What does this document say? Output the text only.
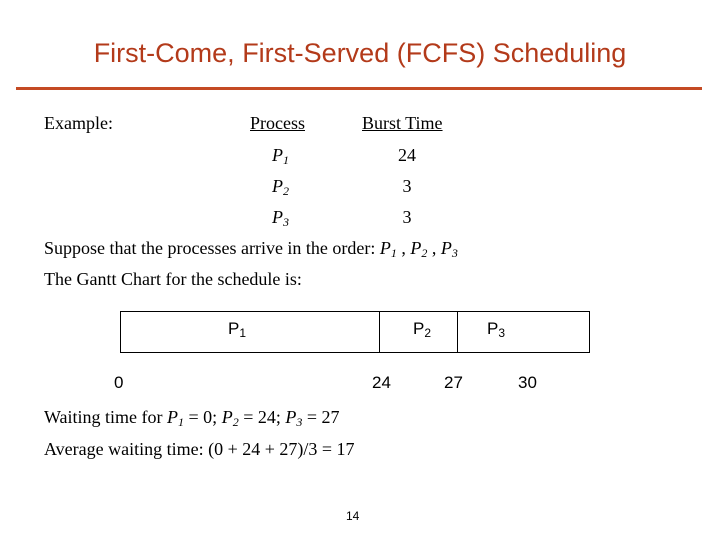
First-Come, First-Served (FCFS) Scheduling
Example:	Process	Burst Time
$P_1$	24
$P_2$	3
$P_3$	3
Suppose that the processes arrive in the order: $P_1$ , $P_2$ , $P_3$
The Gantt Chart for the schedule is:
$P_1$	$P_2$	$P_3$
0	24	27	30
Waiting time for $P_1 = 0$; $P_2 = 24$; $P_3 = 27$
Average waiting time: (0 + 24 + 27)/3 = 17
14
